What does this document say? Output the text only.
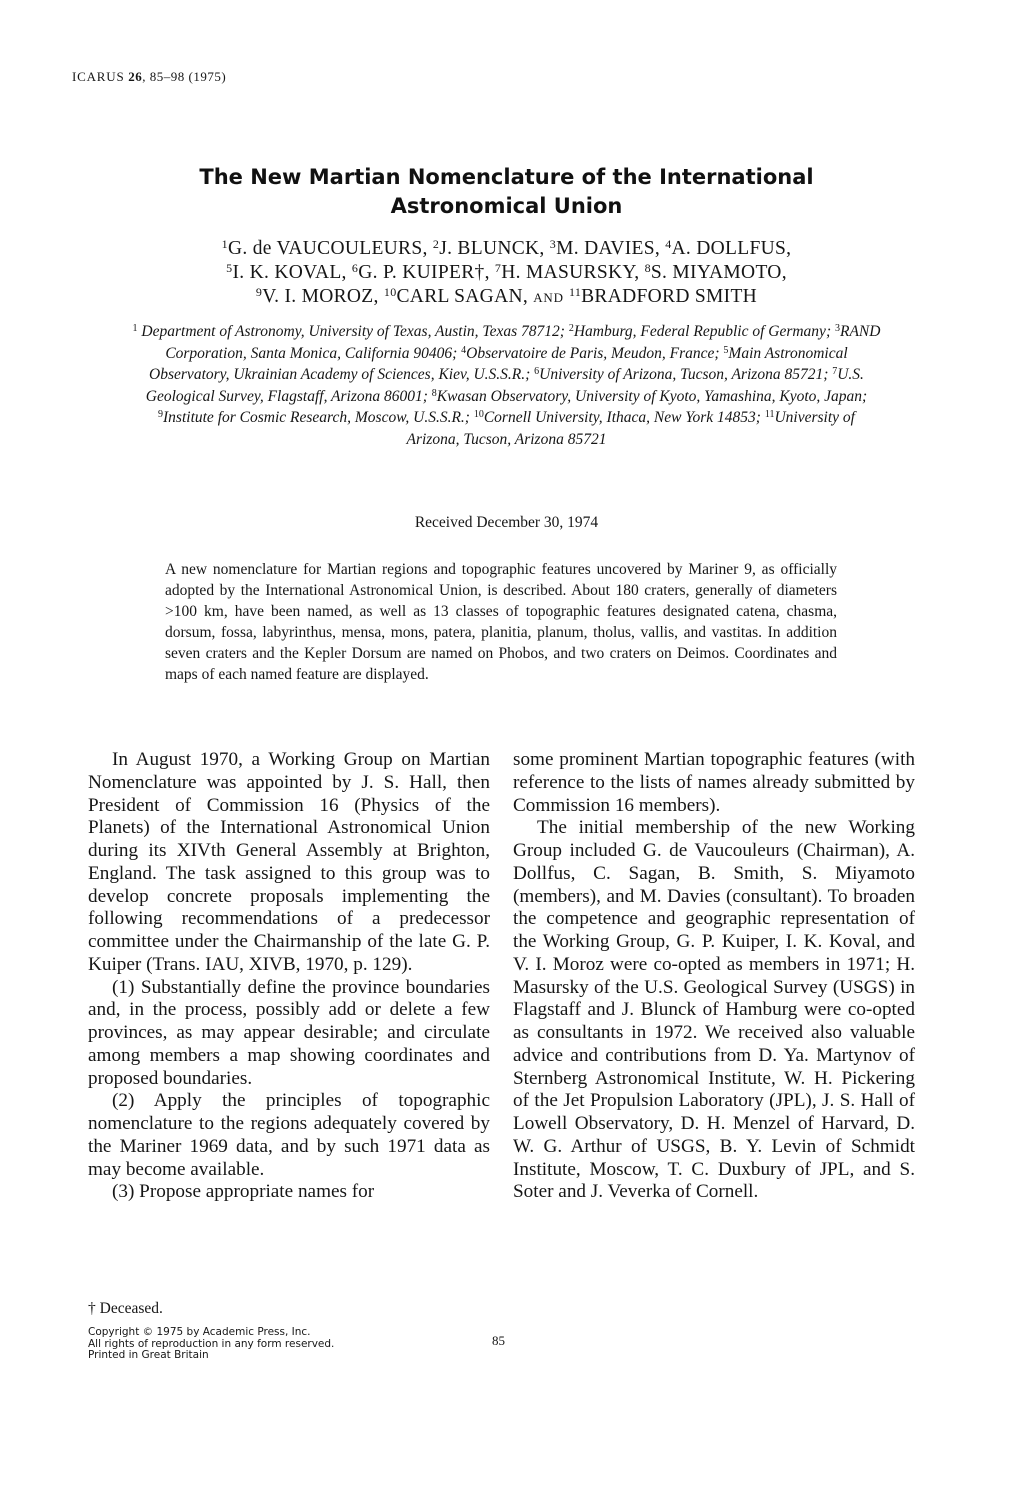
ICARUS 26, 85–98 (1975)
The New Martian Nomenclature of the International
Astronomical Union
$^1$G. de VAUCOULEURS, $^2$J. BLUNCK, $^3$M. DAVIES, $^4$A. DOLLFUS,
$^5$I. K. KOVAL, $^6$G. P. KUIPER†, $^7$H. MASURSKY, $^8$S. MIYAMOTO,
$^9$V. I. MOROZ, $^{10}$CARL SAGAN, AND $^{11}$BRADFORD SMITH
$^1$ Department of Astronomy, University of Texas, Austin, Texas 78712; $^2$Hamburg, Federal Republic of Germany; $^3$RAND Corporation, Santa Monica, California 90406; $^4$Observatoire de Paris, Meudon, France; $^5$Main Astronomical Observatory, Ukrainian Academy of Sciences, Kiev, U.S.S.R.; $^6$University of Arizona, Tucson, Arizona 85721; $^7$U.S. Geological Survey, Flagstaff, Arizona 86001; $^8$Kwasan Observatory, University of Kyoto, Yamashina, Kyoto, Japan; $^9$Institute for Cosmic Research, Moscow, U.S.S.R.; $^{10}$Cornell University, Ithaca, New York 14853; $^{11}$University of Arizona, Tucson, Arizona 85721
Received December 30, 1974
A new nomenclature for Martian regions and topographic features uncovered by Mariner 9, as officially adopted by the International Astronomical Union, is described. About 180 craters, generally of diameters >100 km, have been named, as well as 13 classes of topographic features designated catena, chasma, dorsum, fossa, labyrinthus, mensa, mons, patera, planitia, planum, tholus, vallis, and vastitas. In addition seven craters and the Kepler Dorsum are named on Phobos, and two craters on Deimos. Coordinates and maps of each named feature are displayed.

In August 1970, a Working Group on Martian Nomenclature was appointed by J. S. Hall, then President of Commission 16 (Physics of the Planets) of the International Astronomical Union during its XIVth General Assembly at Brighton, England. The task assigned to this group was to develop concrete proposals implementing the following recommendations of a predecessor committee under the Chairmanship of the late G. P. Kuiper (Trans. IAU, XIVB, 1970, p. 129).

(1) Substantially define the province boundaries and, in the process, possibly add or delete a few provinces, as may appear desirable; and circulate among members a map showing coordinates and proposed boundaries.

(2) Apply the principles of topographic nomenclature to the regions adequately covered by the Mariner 1969 data, and by such 1971 data as may become available.

(3) Propose appropriate names for

some prominent Martian topographic features (with reference to the lists of names already submitted by Commission 16 members).

The initial membership of the new Working Group included G. de Vaucouleurs (Chairman), A. Dollfus, C. Sagan, B. Smith, S. Miyamoto (members), and M. Davies (consultant). To broaden the competence and geographic representation of the Working Group, G. P. Kuiper, I. K. Koval, and V. I. Moroz were co-opted as members in 1971; H. Masursky of the U.S. Geological Survey (USGS) in Flagstaff and J. Blunck of Hamburg were co-opted as consultants in 1972. We received also valuable advice and contributions from D. Ya. Martynov of Sternberg Astronomical Institute, W. H. Pickering of the Jet Propulsion Laboratory (JPL), J. S. Hall of Lowell Observatory, D. H. Menzel of Harvard, D. W. G. Arthur of USGS, B. Y. Levin of Schmidt Institute, Moscow, T. C. Duxbury of JPL, and S. Soter and J. Veverka of Cornell.

† Deceased.
Copyright © 1975 by Academic Press, Inc.
All rights of reproduction in any form reserved.
Printed in Great Britain
85
